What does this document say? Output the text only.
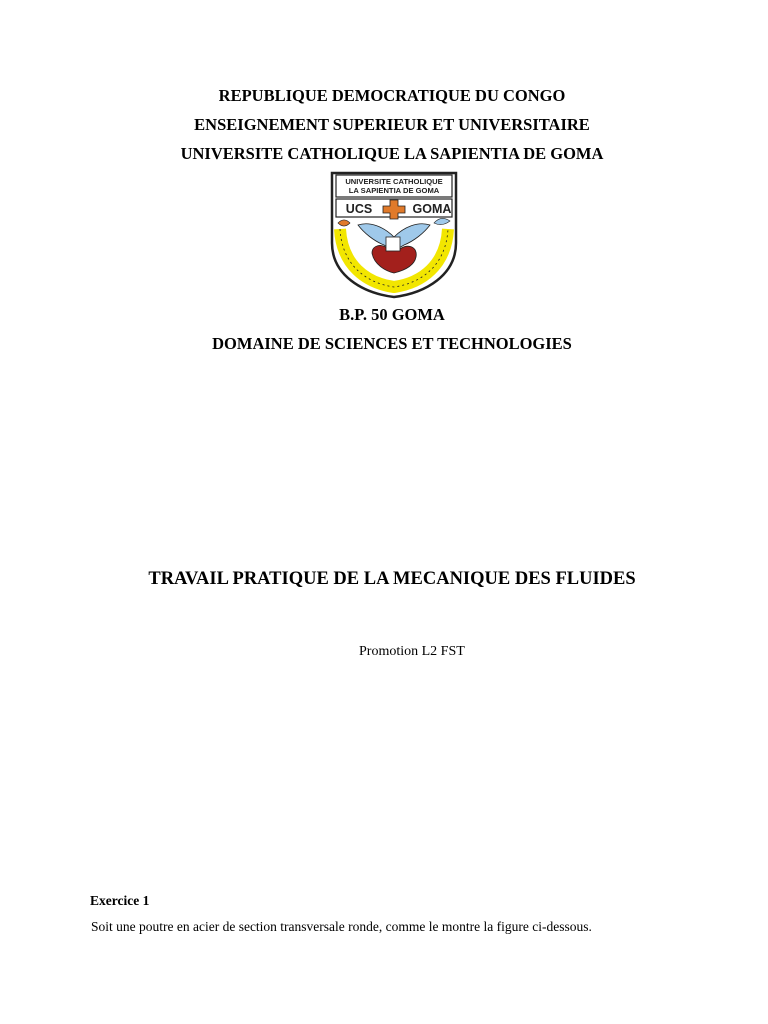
REPUBLIQUE DEMOCRATIQUE DU CONGO
ENSEIGNEMENT SUPERIEUR ET UNIVERSITAIRE
UNIVERSITE CATHOLIQUE LA SAPIENTIA DE GOMA
UNIVERSITE CATHOLIQUE
LA SAPIENTIA DE GOMA
UCS	GOMA
B.P. 50 GOMA
DOMAINE DE SCIENCES ET TECHNOLOGIES
TRAVAIL PRATIQUE DE LA MECANIQUE DES FLUIDES
Promotion L2 FST
Exercice 1
Soit une poutre en acier de section transversale ronde, comme le montre la figure ci-dessous.
